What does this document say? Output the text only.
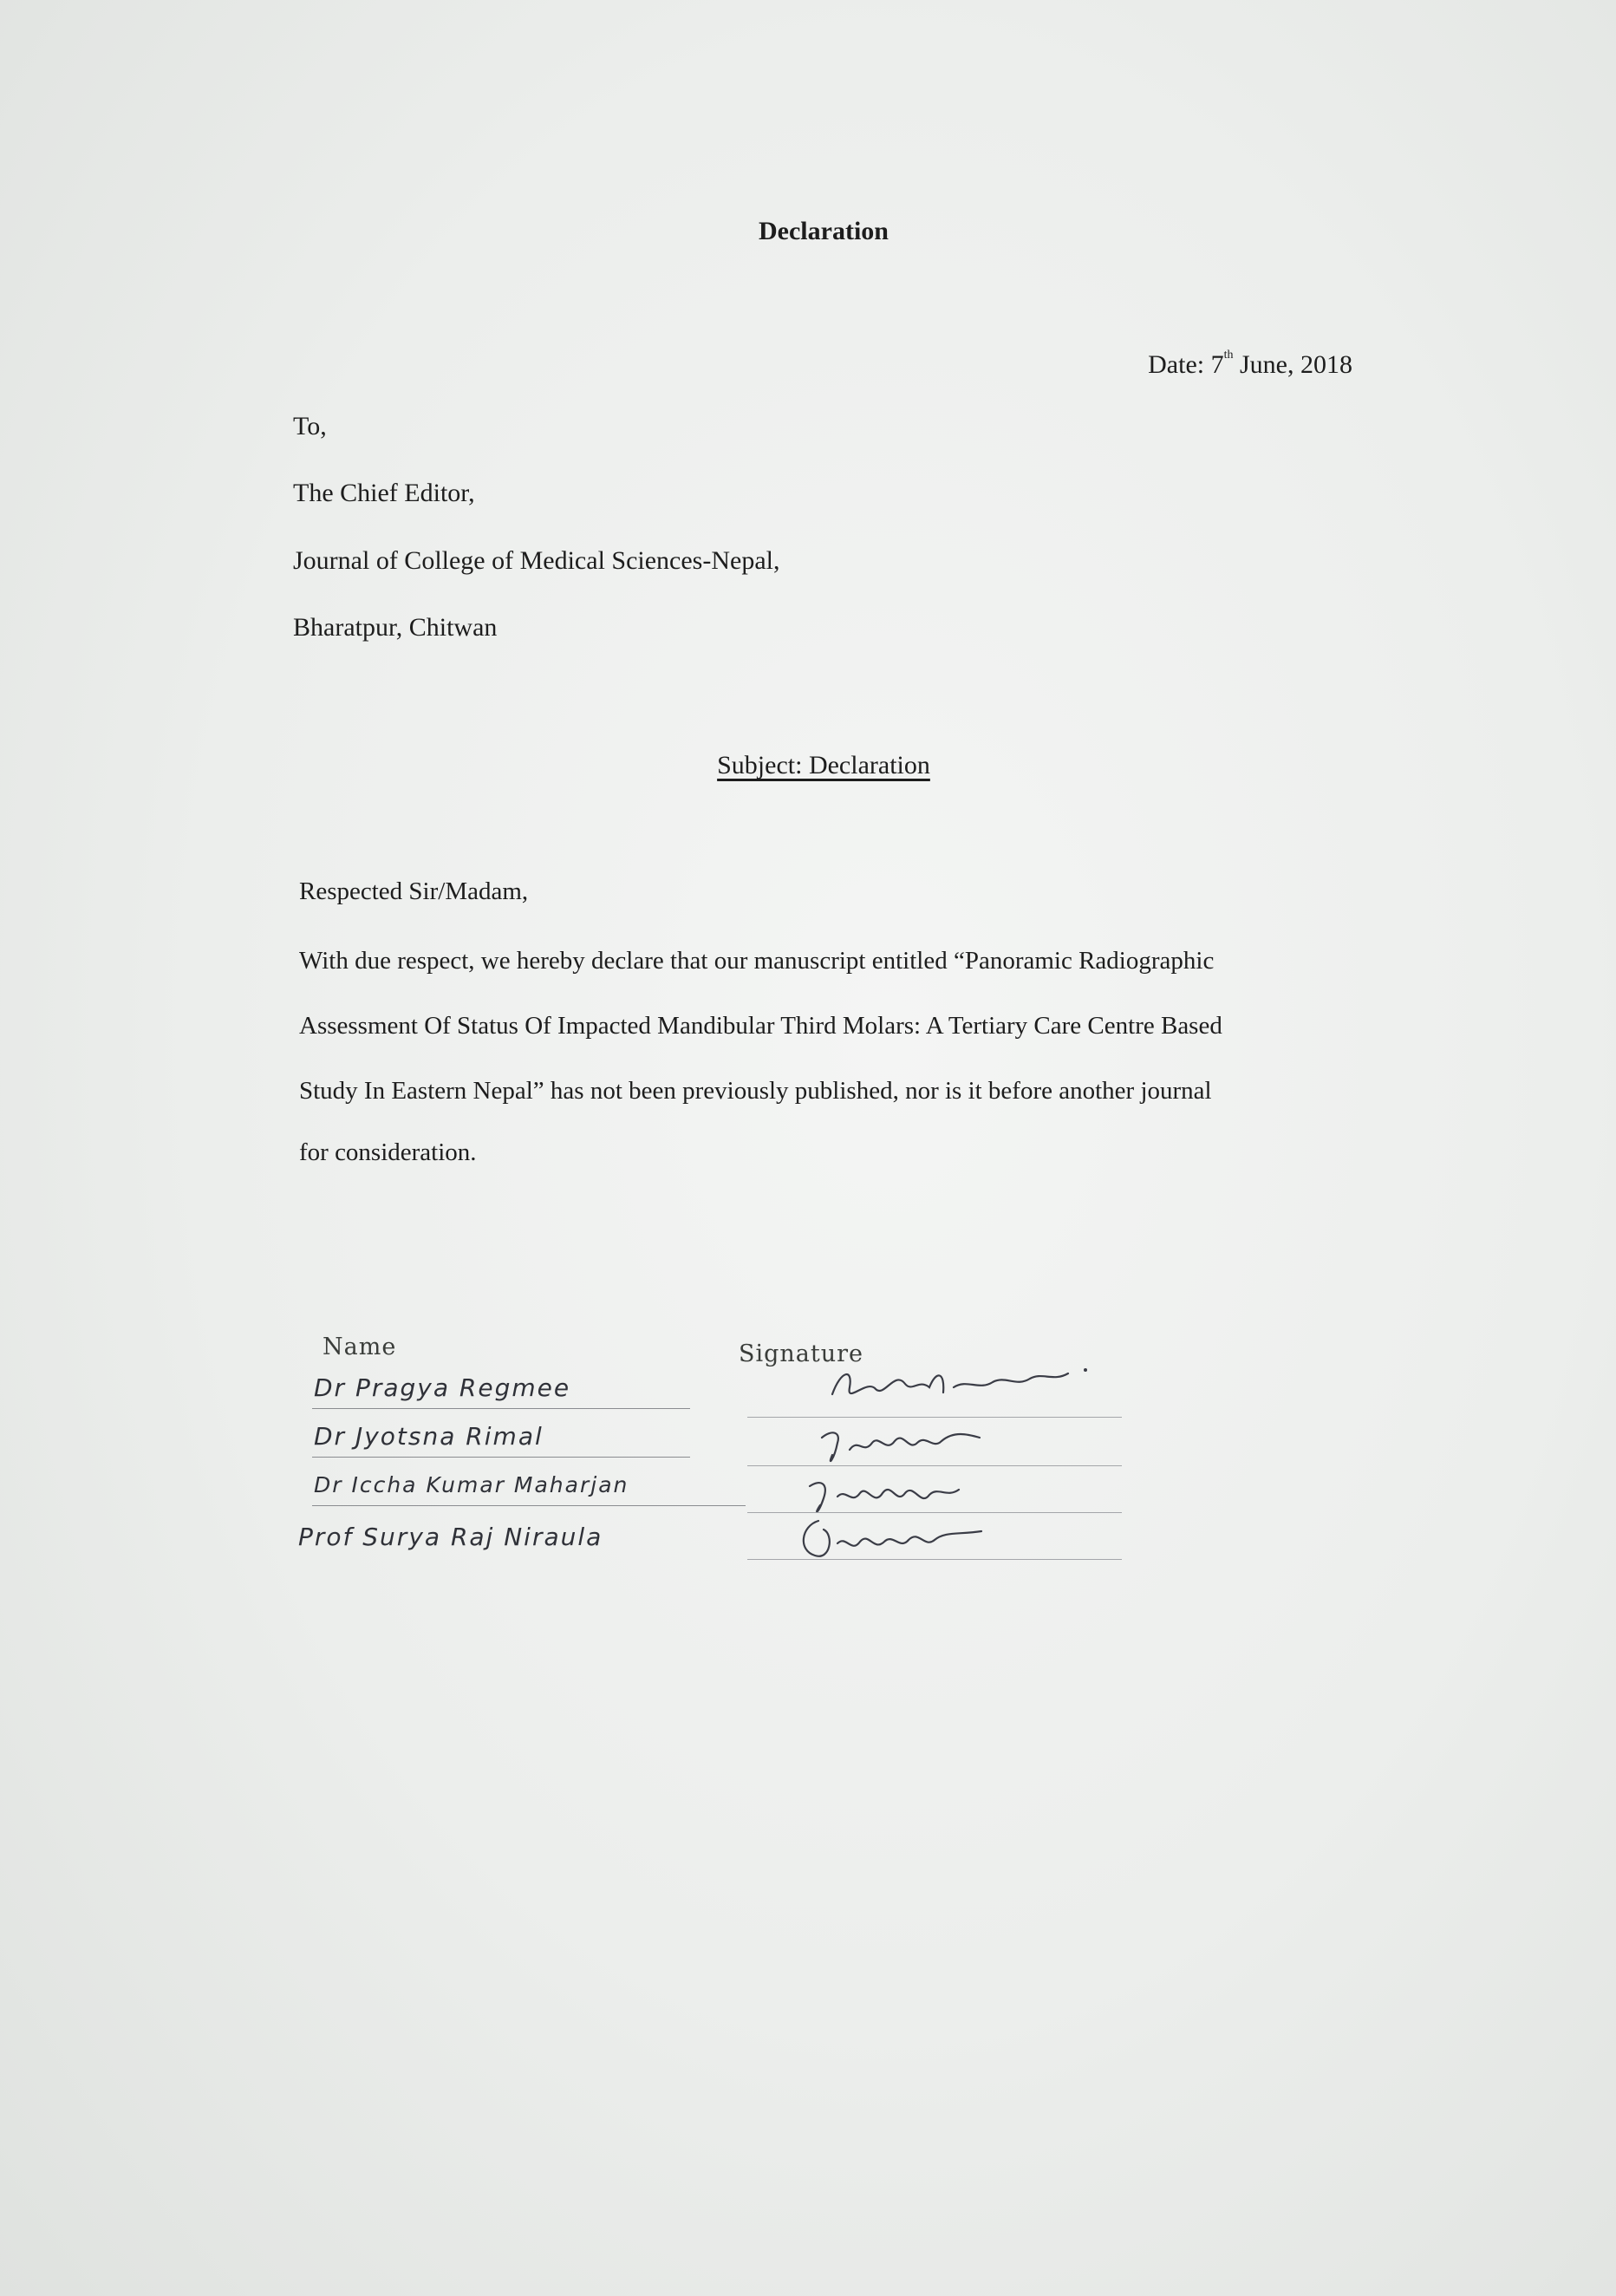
Declaration
Date: 7th June, 2018
To,
The Chief Editor,
Journal of College of Medical Sciences-Nepal,
Bharatpur, Chitwan
Subject: Declaration
Respected Sir/Madam,
With due respect, we hereby declare that our manuscript entitled “Panoramic Radiographic
Assessment Of Status Of Impacted Mandibular Third Molars: A Tertiary Care Centre Based
Study In Eastern Nepal” has not been previously published, nor is it before another journal
for consideration.
Name	Signature
Dr Pragya Regmee
Dr Jyotsna Rimal
Dr Iccha Kumar Maharjan
Prof Surya Raj Niraula
